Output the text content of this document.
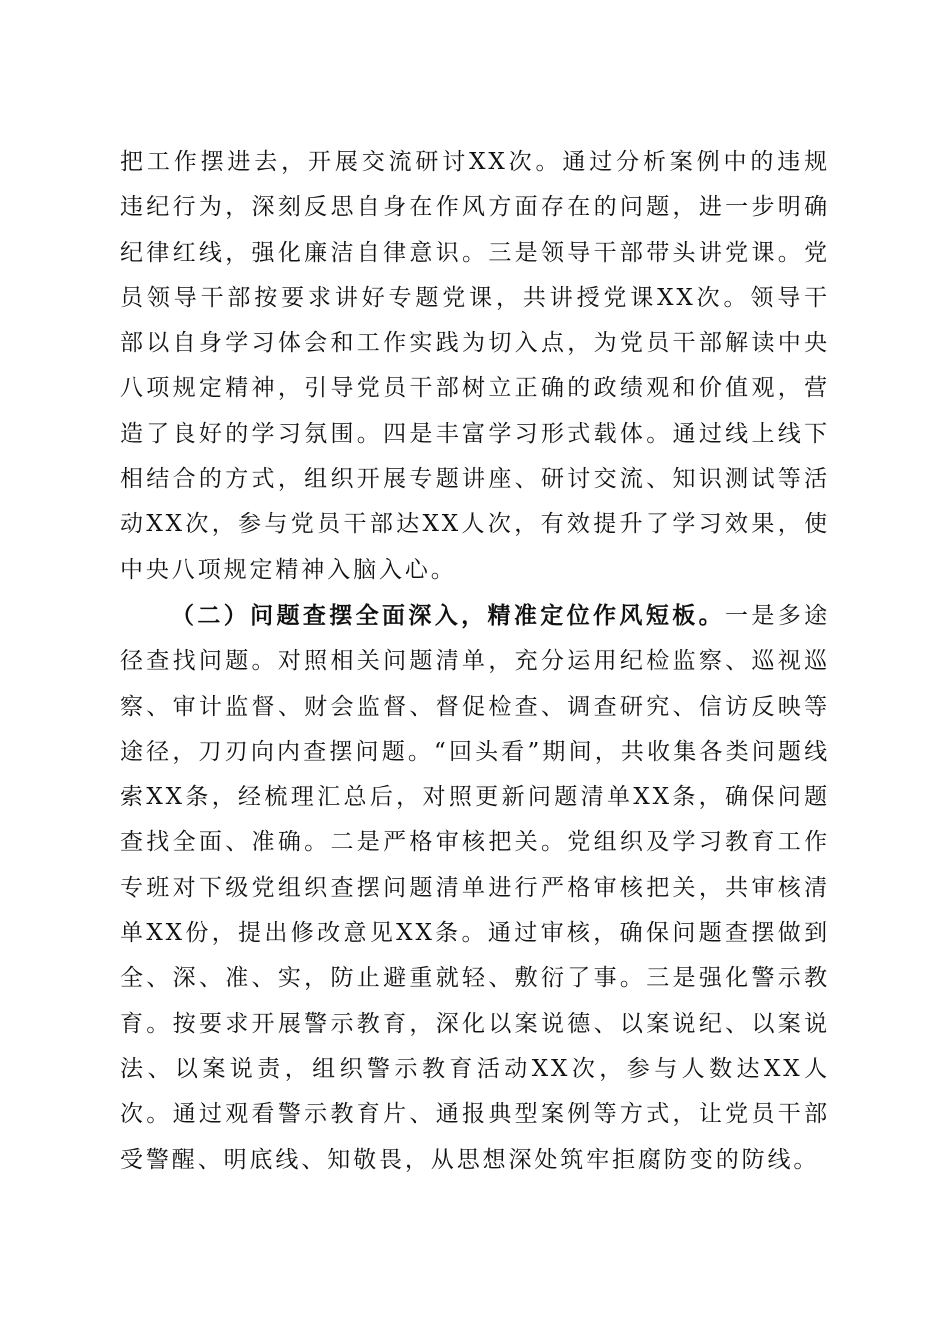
把工作摆进去，开展交流研讨XX次。通过分析案例中的违规违纪行为，深刻反思自身在作风方面存在的问题，进一步明确纪律红线，强化廉洁自律意识。三是领导干部带头讲党课。党员领导干部按要求讲好专题党课，共讲授党课XX次。领导干部以自身学习体会和工作实践为切入点，为党员干部解读中央八项规定精神，引导党员干部树立正确的政绩观和价值观，营造了良好的学习氛围。四是丰富学习形式载体。通过线上线下相结合的方式，组织开展专题讲座、研讨交流、知识测试等活动XX次，参与党员干部达XX人次，有效提升了学习效果，使中央八项规定精神入脑入心。

（二）问题查摆全面深入，精准定位作风短板。一是多途径查找问题。对照相关问题清单，充分运用纪检监察、巡视巡察、审计监督、财会监督、督促检查、调查研究、信访反映等途径，刀刃向内查摆问题。“回头看”期间，共收集各类问题线索XX条，经梳理汇总后，对照更新问题清单XX条，确保问题查找全面、准确。二是严格审核把关。党组织及学习教育工作专班对下级党组织查摆问题清单进行严格审核把关，共审核清单XX份，提出修改意见XX条。通过审核，确保问题查摆做到全、深、准、实，防止避重就轻、敷衍了事。三是强化警示教育。按要求开展警示教育，深化以案说德、以案说纪、以案说法、以案说责，组织警示教育活动XX次，参与人数达XX人次。通过观看警示教育片、通报典型案例等方式，让党员干部受警醒、明底线、知敬畏，从思想深处筑牢拒腐防变的防线。
